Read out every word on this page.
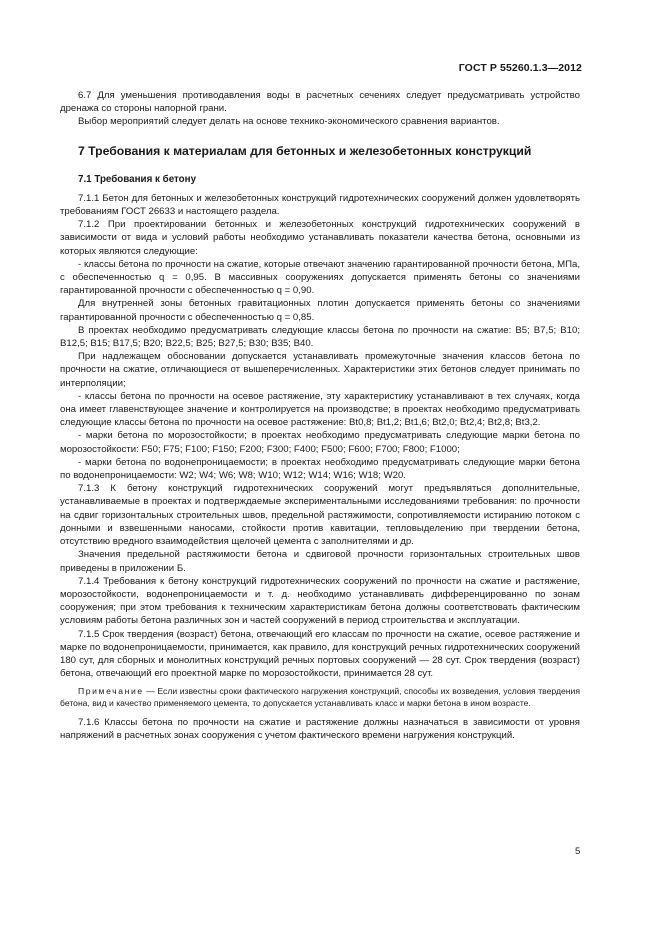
ГОСТ Р 55260.1.3—2012

6.7 Для уменьшения противодавления воды в расчетных сечениях следует предусматривать устройство дренажа со стороны напорной грани.

Выбор мероприятий следует делать на основе технико-экономического сравнения вариантов.

7 Требования к материалам для бетонных и железобетонных конструкций
7.1 Требования к бетону

7.1.1 Бетон для бетонных и железобетонных конструкций гидротехнических сооружений должен удовлетворять требованиям ГОСТ 26633 и настоящего раздела.

7.1.2 При проектировании бетонных и железобетонных конструкций гидротехнических сооружений в зависимости от вида и условий работы необходимо устанавливать показатели качества бетона, основными из которых являются следующие:

- классы бетона по прочности на сжатие, которые отвечают значению гарантированной прочности бетона, МПа, с обеспеченностью q = 0,95. В массивных сооружениях допускается применять бетоны со значениями гарантированной прочности с обеспеченностью q = 0,90.

Для внутренней зоны бетонных гравитационных плотин допускается применять бетоны со значениями гарантированной прочности с обеспеченностью q = 0,85.

В проектах необходимо предусматривать следующие классы бетона по прочности на сжатие: В5; В7,5; В10; В12,5; В15; В17,5; В20; В22,5; В25; В27,5; В30; В35; В40.

При надлежащем обосновании допускается устанавливать промежуточные значения классов бетона по прочности на сжатие, отличающиеся от вышеперечисленных. Характеристики этих бетонов следует принимать по интерполяции;

- классы бетона по прочности на осевое растяжение, эту характеристику устанавливают в тех случаях, когда она имеет главенствующее значение и контролируется на производстве; в проектах необходимо предусматривать следующие классы бетона по прочности на осевое растяжение: Bt0,8; Bt1,2; Bt1,6; Bt2,0; Bt2,4; Bt2,8; Bt3,2.

- марки бетона по морозостойкости; в проектах необходимо предусматривать следующие марки бетона по морозостойкости: F50; F75; F100; F150; F200; F300; F400; F500; F600; F700; F800; F1000;

- марки бетона по водонепроницаемости; в проектах необходимо предусматривать следующие марки бетона по водонепроницаемости: W2; W4; W6; W8; W10; W12; W14; W16; W18; W20.

7.1.3 К бетону конструкций гидротехнических сооружений могут предъявляться дополнительные, устанавливаемые в проектах и подтверждаемые экспериментальными исследованиями требования: по прочности на сдвиг горизонтальных строительных швов, предельной растяжимости, сопротивляемости истиранию потоком с донными и взвешенными наносами, стойкости против кавитации, тепловыделению при твердении бетона, отсутствию вредного взаимодействия щелочей цемента с заполнителями и др.

Значения предельной растяжимости бетона и сдвиговой прочности горизонтальных строительных швов приведены в приложении Б.

7.1.4 Требования к бетону конструкций гидротехнических сооружений по прочности на сжатие и растяжение, морозостойкости, водонепроницаемости и т. д. необходимо устанавливать дифференцированно по зонам сооружения; при этом требования к техническим характеристикам бетона должны соответствовать фактическим условиям работы бетона различных зон и частей сооружений в период строительства и эксплуатации.

7.1.5 Срок твердения (возраст) бетона, отвечающий его классам по прочности на сжатие, осевое растяжение и марке по водонепроницаемости, принимается, как правило, для конструкций речных гидротехнических сооружений 180 сут, для сборных и монолитных конструкций речных портовых сооружений — 28 сут. Срок твердения (возраст) бетона, отвечающий его проектной марке по морозостойкости, принимается 28 сут.

Примечание — Если известны сроки фактического нагружения конструкций, способы их возведения, условия твердения бетона, вид и качество применяемого цемента, то допускается устанавливать класс и марки бетона в ином возрасте.

7.1.6 Классы бетона по прочности на сжатие и растяжение должны назначаться в зависимости от уровня напряжений в расчетных зонах сооружения с учетом фактического времени нагружения конструкций.

5
